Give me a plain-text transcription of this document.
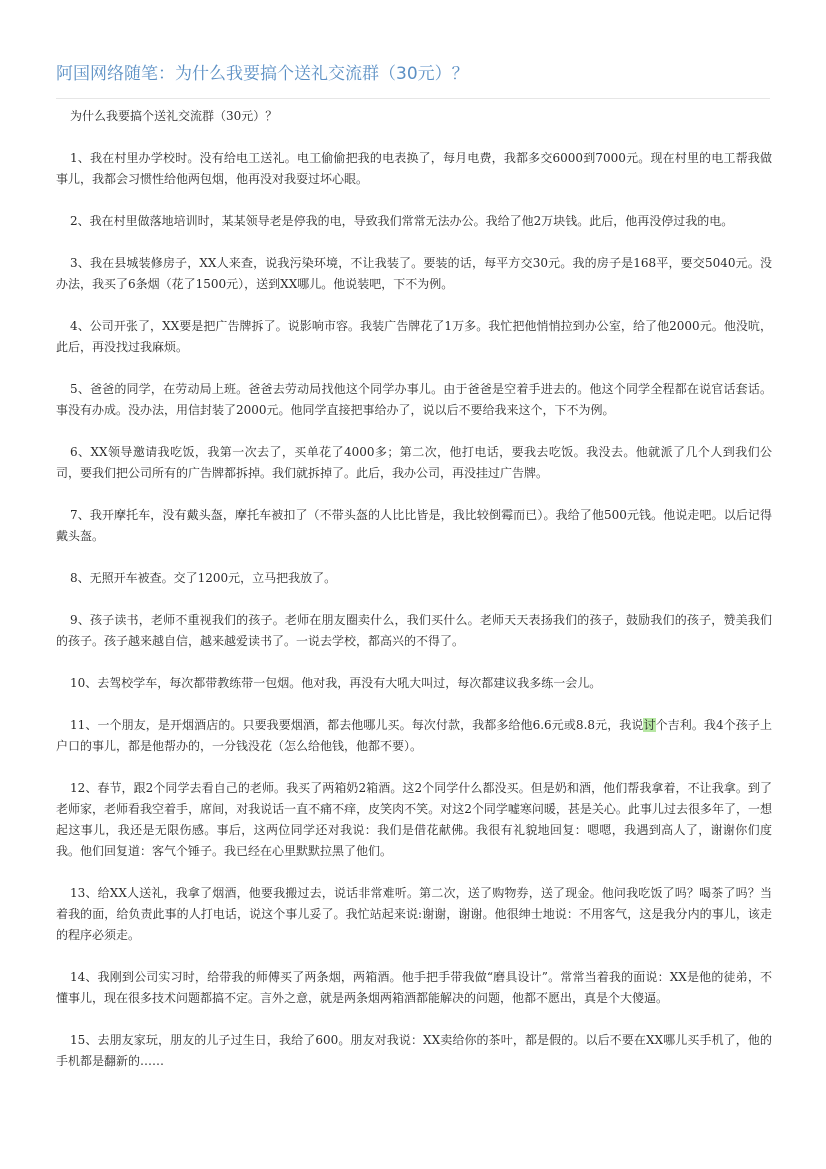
阿国网络随笔：为什么我要搞个送礼交流群（30元）？

为什么我要搞个送礼交流群（30元）？

1、我在村里办学校时。没有给电工送礼。电工偷偷把我的电表换了，每月电费，我都多交6000到7000元。现在村里的电工帮我做事儿，我都会习惯性给他两包烟，他再没对我耍过坏心眼。

2、我在村里做落地培训时，某某领导老是停我的电，导致我们常常无法办公。我给了他2万块钱。此后，他再没停过我的电。

3、我在县城装修房子，XX人来查，说我污染环境，不让我装了。要装的话，每平方交30元。我的房子是168平，要交5040元。没办法，我买了6条烟（花了1500元），送到XX哪儿。他说装吧，下不为例。

4、公司开张了，XX要是把广告牌拆了。说影响市容。我装广告牌花了1万多。我忙把他悄悄拉到办公室，给了他2000元。他没吭，此后，再没找过我麻烦。

5、爸爸的同学，在劳动局上班。爸爸去劳动局找他这个同学办事儿。由于爸爸是空着手进去的。他这个同学全程都在说官话套话。事没有办成。没办法，用信封装了2000元。他同学直接把事给办了，说以后不要给我来这个，下不为例。

6、XX领导邀请我吃饭，我第一次去了，买单花了4000多；第二次，他打电话，要我去吃饭。我没去。他就派了几个人到我们公司，要我们把公司所有的广告牌都拆掉。我们就拆掉了。此后，我办公司，再没挂过广告牌。

7、我开摩托车，没有戴头盔，摩托车被扣了（不带头盔的人比比皆是，我比较倒霉而已）。我给了他500元钱。他说走吧。以后记得戴头盔。

8、无照开车被查。交了1200元，立马把我放了。

9、孩子读书，老师不重视我们的孩子。老师在朋友圈卖什么，我们买什么。老师天天表扬我们的孩子，鼓励我们的孩子，赞美我们的孩子。孩子越来越自信，越来越爱读书了。一说去学校，都高兴的不得了。

10、去驾校学车，每次都带教练带一包烟。他对我，再没有大吼大叫过，每次都建议我多练一会儿。

11、一个朋友，是开烟酒店的。只要我要烟酒，都去他哪儿买。每次付款，我都多给他6.6元或8.8元，我说讨个吉利。我4个孩子上户口的事儿，都是他帮办的，一分钱没花（怎么给他钱，他都不要）。

12、春节，跟2个同学去看自己的老师。我买了两箱奶2箱酒。这2个同学什么都没买。但是奶和酒，他们帮我拿着，不让我拿。到了老师家，老师看我空着手，席间，对我说话一直不痛不痒，皮笑肉不笑。对这2个同学嘘寒问暖，甚是关心。此事儿过去很多年了，一想起这事儿，我还是无限伤感。事后，这两位同学还对我说：我们是借花献佛。我很有礼貌地回复：嗯嗯，我遇到高人了，谢谢你们度我。他们回复道：客气个锤子。我已经在心里默默拉黑了他们。

13、给XX人送礼，我拿了烟酒，他要我搬过去，说话非常难听。第二次，送了购物券，送了现金。他问我吃饭了吗？喝茶了吗？当着我的面，给负责此事的人打电话，说这个事儿妥了。我忙站起来说:谢谢，谢谢。他很绅士地说：不用客气，这是我分内的事儿，该走的程序必须走。

14、我刚到公司实习时，给带我的师傅买了两条烟，两箱酒。他手把手带我做“磨具设计”。常常当着我的面说：XX是他的徒弟，不懂事儿，现在很多技术问题都搞不定。言外之意，就是两条烟两箱酒都能解决的问题，他都不愿出，真是个大傻逼。

15、去朋友家玩，朋友的儿子过生日，我给了600。朋友对我说：XX卖给你的茶叶，都是假的。以后不要在XX哪儿买手机了，他的手机都是翻新的……
